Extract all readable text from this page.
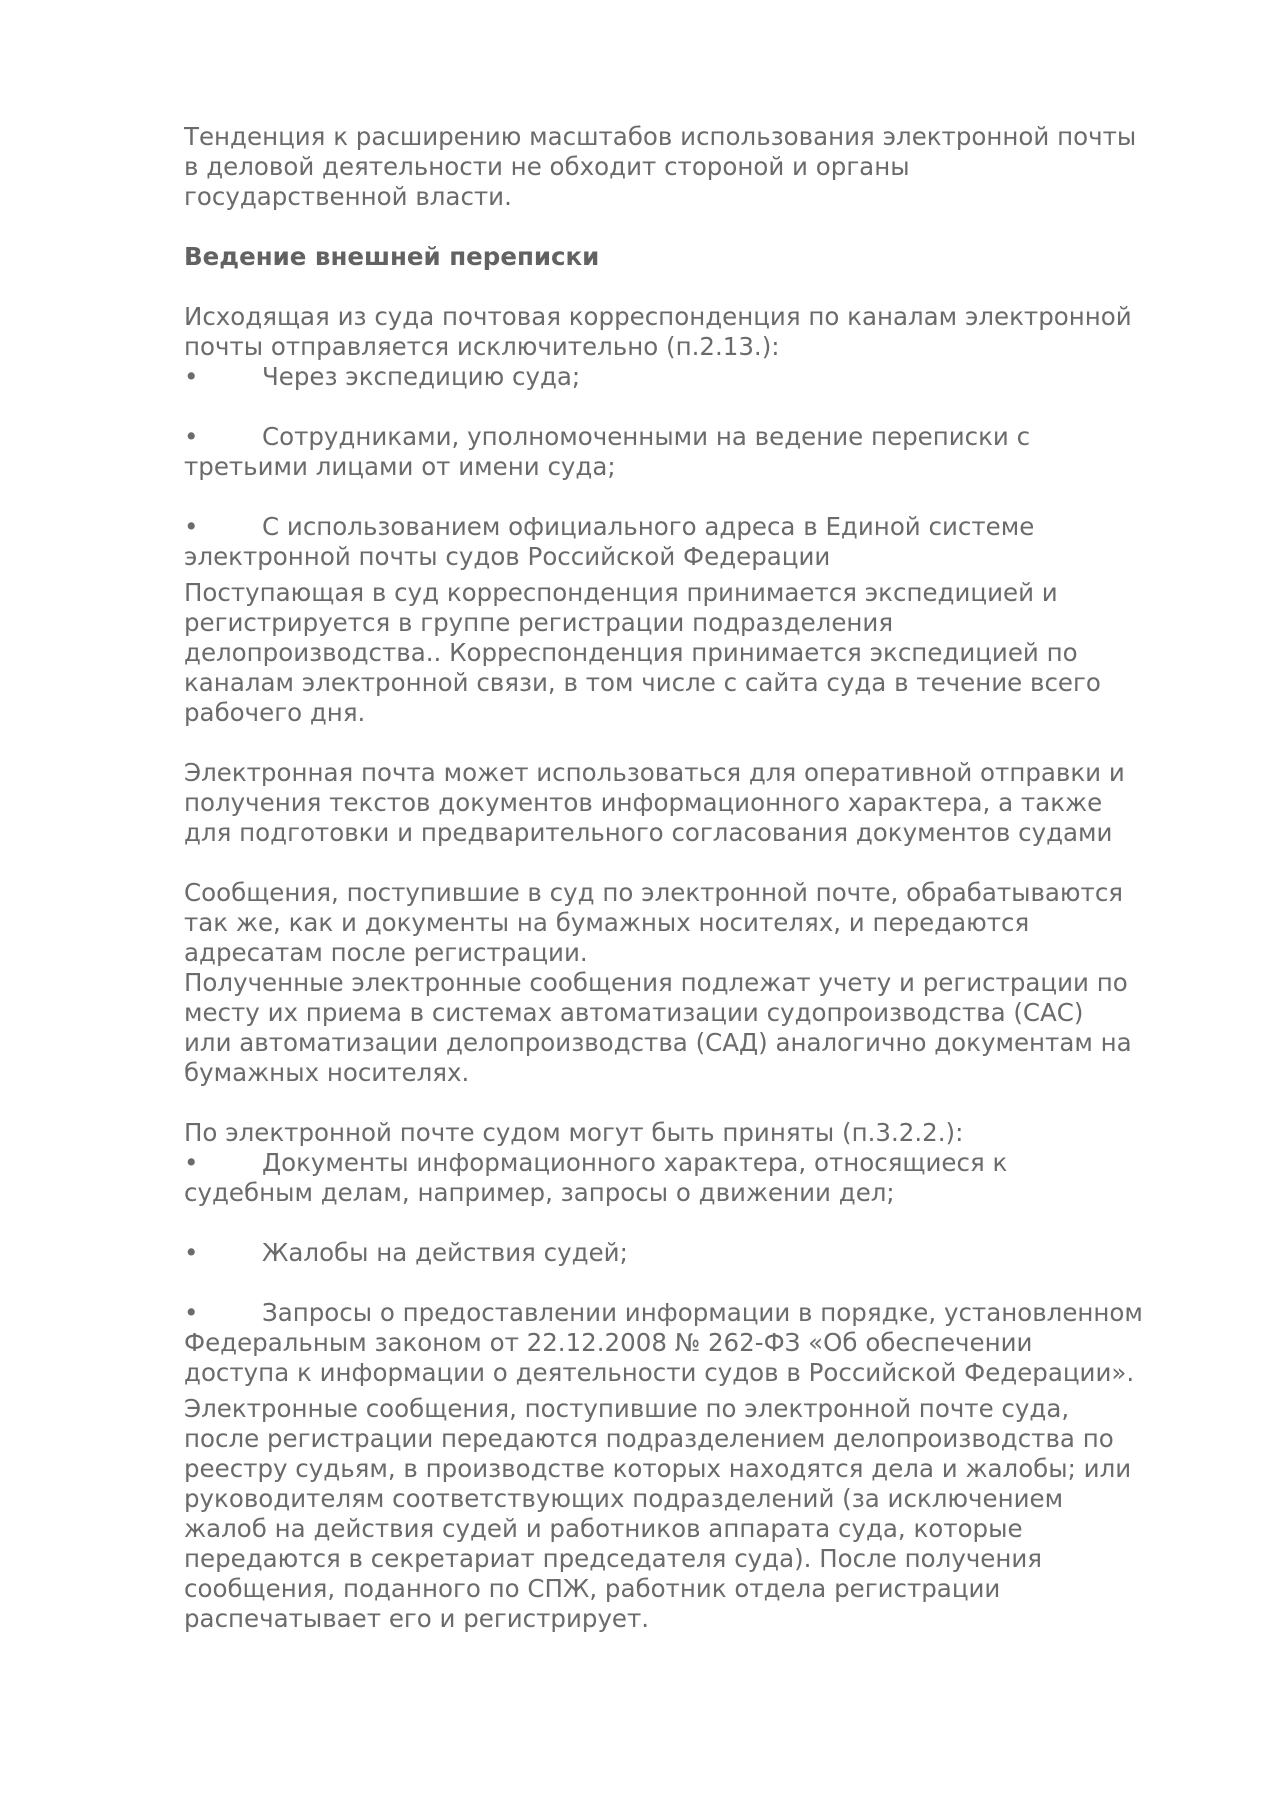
Тенденция к расширению масштабов использования электронной почты
в деловой деятельности не обходит стороной и органы
государственной власти.

Ведение внешней переписки

Исходящая из суда почтовая корреспонденция по каналам электронной
почты отправляется исключительно (п.2.13.):

•	Через экспедицию суда;

•	Сотрудниками, уполномоченными на ведение переписки с
третьими лицами от имени суда;

•	С использованием официального адреса в Единой системе
электронной почты судов Российской Федерации

Поступающая в суд корреспонденция принимается экспедицией и
регистрируется в группе регистрации подразделения
делопроизводства.. Корреспонденция принимается экспедицией по
каналам электронной связи, в том числе с сайта суда в течение всего
рабочего дня.

Электронная почта может использоваться для оперативной отправки и
получения текстов документов информационного характера, а также
для подготовки и предварительного согласования документов судами

Сообщения, поступившие в суд по электронной почте, обрабатываются
так же, как и документы на бумажных носителях, и передаются
адресатам после регистрации.
Полученные электронные сообщения подлежат учету и регистрации по
месту их приема в системах автоматизации судопроизводства (САС)
или автоматизации делопроизводства (САД) аналогично документам на
бумажных носителях.

По электронной почте судом могут быть приняты (п.3.2.2.):

•	Документы информационного характера, относящиеся к
судебным делам, например, запросы о движении дел;

•	Жалобы на действия судей;

•	Запросы о предоставлении информации в порядке, установленном
Федеральным законом от 22.12.2008 № 262-ФЗ «Об обеспечении
доступа к информации о деятельности судов в Российской Федерации».

Электронные сообщения, поступившие по электронной почте суда,
после регистрации передаются подразделением делопроизводства по
реестру судьям, в производстве которых находятся дела и жалобы; или
руководителям соответствующих подразделений (за исключением
жалоб на действия судей и работников аппарата суда, которые
передаются в секретариат председателя суда). После получения
сообщения, поданного по СПЖ, работник отдела регистрации
распечатывает его и регистрирует.
